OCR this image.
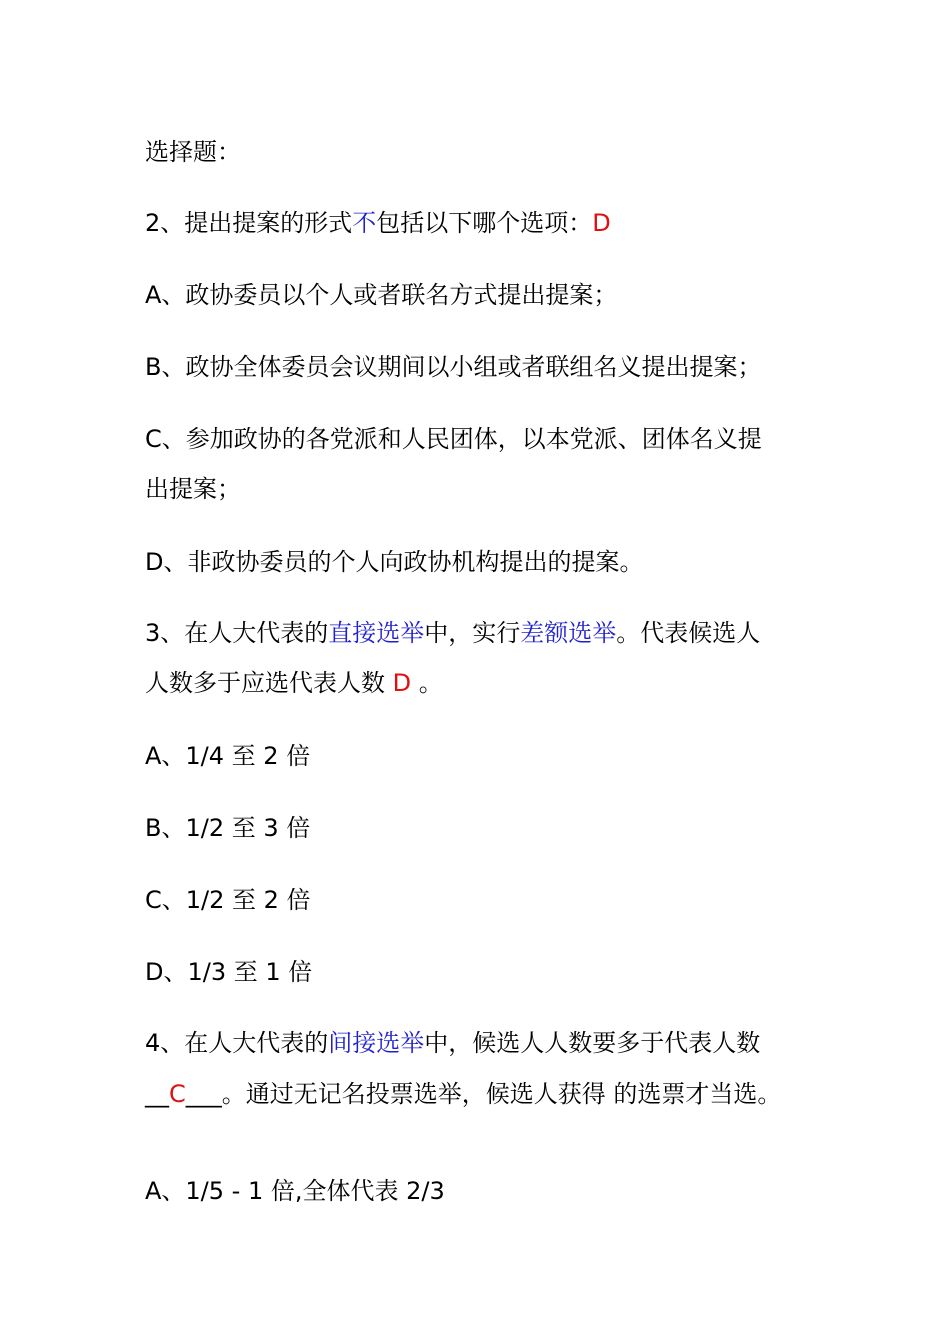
选择题：
2、提出提案的形式不包括以下哪个选项：D
A、政协委员以个人或者联名方式提出提案；
B、政协全体委员会议期间以小组或者联组名义提出提案；
C、参加政协的各党派和人民团体，以本党派、团体名义提
出提案；
D、非政协委员的个人向政协机构提出的提案。
3、在人大代表的直接选举中，实行差额选举。代表候选人
人数多于应选代表人数 D 。
A、1/4 至 2 倍
B、1/2 至 3 倍
C、1/2 至 2 倍
D、1/3 至 1 倍
4、在人大代表的间接选举中，候选人人数要多于代表人数
__C___。通过无记名投票选举，候选人获得 的选票才当选。
A、1/5 - 1 倍,全体代表 2/3
